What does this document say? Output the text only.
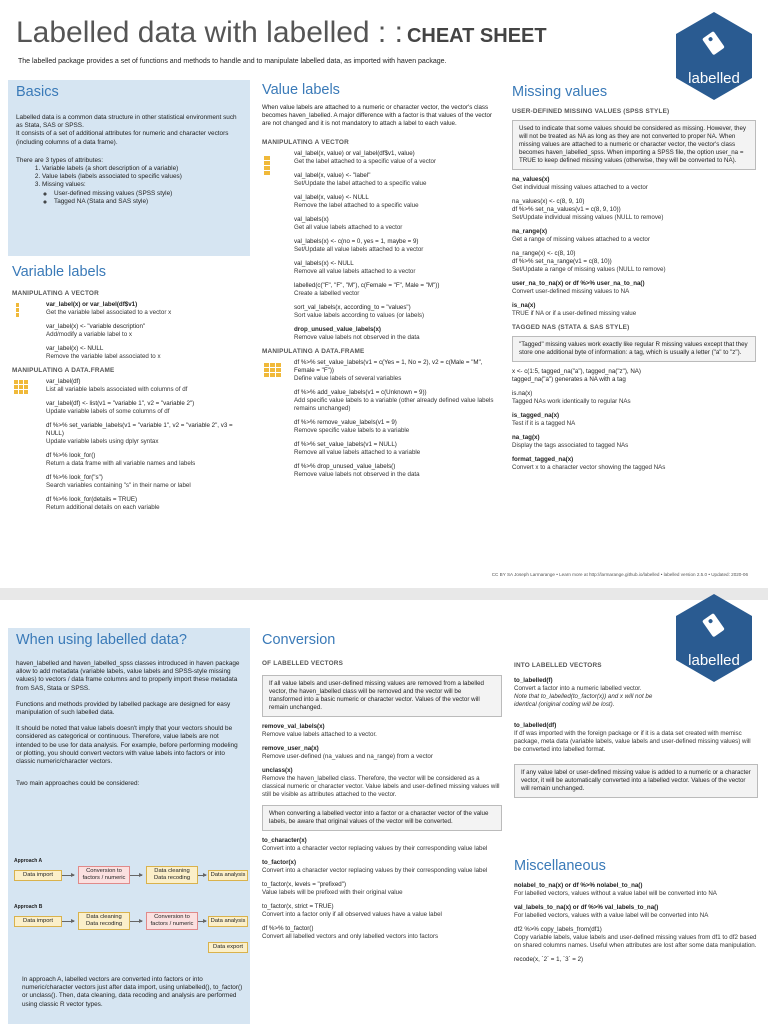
Labelled data with labelled : : CHEAT SHEET
labelled
The labelled package provides a set of functions and methods to handle and to manipulate labelled data, as imported with haven package.
Basics
Labelled data is a common data structure in other statistical environment such as Stata, SAS or SPSS.
It consists of a set of additional attributes for numeric and character vectors (including columns of a data frame).
There are 3 types of attributes:
1. Variable labels (a short description of a variable)
2. Value labels (labels associated to specific values)
3. Missing values:
◦ User-defined missing values (SPSS style)
◦ Tagged NA (Stata and SAS style)
Variable labels
MANIPULATING A VECTOR
var_label(x) or var_label(df$v1)
Get the variable label associated to a vector x
var_label(x) <- "variable description"
Add/modify a variable label to x
var_label(x) <- NULL
Remove the variable label associated to x
MANIPULATING A DATA.FRAME
var_label(df)
List all variable labels associated with columns of df
var_label(df) <- list(v1 = "variable 1", v2 = "variable 2")
Update variable labels of some columns of df
df %>% set_variable_labels(v1 = "variable 1", v2 = "variable 2", v3 = NULL)
Update variable labels using dplyr syntax
df %>% look_for()
Return a data frame with all variable names and labels
df %>% look_for("s")
Search variables containing "s" in their name or label
df %>% look_for(details = TRUE)
Return additional details on each variable
Value labels
When value labels are attached to a numeric or character vector, the vector's class becomes haven_labelled. A major difference with a factor is that values of the vector are not changed and it is not mandatory to attach a label to each value.
MANIPULATING A VECTOR
val_label(x, value) or val_label(df$v1, value)
Get the label attached to a specific value of a vector
val_label(x, value) <- "label"
Set/Update the label attached to a specific value
val_label(x, value) <- NULL
Remove the label attached to a specific value
val_labels(x)
Get all value labels attached to a vector
val_labels(x) <- c(no = 0, yes = 1, maybe = 9)
Set/Update all value labels attached to a vector
val_labels(x) <- NULL
Remove all value labels attached to a vector
labelled(c("F", "F", "M"), c(Female = "F", Male = "M"))
Create a labelled vector
sort_val_labels(x, according_to = "values")
Sort value labels according to values (or labels)
drop_unused_value_labels(x)
Remove value labels not observed in the data
MANIPULATING A DATA.FRAME
df %>% set_value_labels(v1 = c(Yes = 1, No = 2), v2 = c(Male = "M", Female = "F"))
Define value labels of several variables
df %>% add_value_labels(v1 = c(Unknown = 9))
Add specific value labels to a variable (other already defined value labels remains unchanged)
df %>% remove_value_labels(v1 = 9)
Remove specific value labels to a variable
df %>% set_value_labels(v1 = NULL)
Remove all value labels attached to a variable
df %>% drop_unused_value_labels()
Remove value labels not observed in the data
Missing values
USER-DEFINED MISSING VALUES (SPSS STYLE)
Used to indicate that some values should be considered as missing. However, they will not be treated as NA as long as they are not converted to proper NA. When missing values are attached to a numeric or character vector, the vector's class becomes haven_labelled_spss. When importing a SPSS file, the option user_na = TRUE to keep defined missing values (otherwise, they will be converted to NA).
na_values(x)
Get individual missing values attached to a vector
na_values(x) <- c(8, 9, 10)
df %>% set_na_values(v1 = c(8, 9, 10))
Set/Update individual missing values (NULL to remove)
na_range(x)
Get a range of missing values attached to a vector
na_range(x) <- c(8, 10)
df %>% set_na_range(v1 = c(8, 10))
Set/Update a range of missing values (NULL to remove)
user_na_to_na(x) or df %>% user_na_to_na()
Convert user-defined missing values to NA
is_na(x)
TRUE if NA or if a user-defined missing value
TAGGED NAS (STATA & SAS STYLE)
"Tagged" missing values work exactly like regular R missing values except that they store one additional byte of information: a tag, which is usually a letter ("a" to "z").
x <- c(1:5, tagged_na("a"), tagged_na("z"), NA)
tagged_na("a") generates a NA with a tag
is.na(x)
Tagged NAs work identically to regular NAs
is_tagged_na(x)
Test if it is a tagged NA
na_tag(x)
Display the tags associated to tagged NAs
format_tagged_na(x)
Convert x to a character vector showing the tagged NAs
CC BY SA Joseph Larmarange • Learn more at http://larmarange.github.io/labelled • labelled version 2.5.0 • Updated: 2020-06
labelled
When using labelled data?
haven_labelled and haven_labelled_spss classes introduced in haven package allow to add metadata (variable labels, value labels and SPSS-style missing values) to vectors / data frame columns and to properly import these metadata from SAS, Stata or SPSS.
Functions and methods provided by labelled package are designed for easy manipulation of such labelled data.
It should be noted that value labels doesn't imply that your vectors should be considered as categorical or continuous. Therefore, value labels are not intended to be use for data analysis. For example, before performing modeling or plotting, you should convert vectors with value labels into factors or into classic numeric/character vectors.
Two main approaches could be considered:
Approach A
Data import
Conversion to factors / numeric
Data cleaning Data recoding	Data analysis
Approach B
Data import
Data cleaning Data recoding
Conversion to factors / numeric	Data analysis
Data export
In approach A, labelled vectors are converted into factors or into numeric/character vectors just after data import, using unlabelled(), to_factor() or unclass(). Then, data cleaning, data recoding and analysis are performed using classic R vector types.
Conversion
OF LABELLED VECTORS
If all value labels and user-defined missing values are removed from a labelled vector, the haven_labelled class will be removed and the vector will be transformed into a basic numeric or character vector. Values of the vector will remain unchanged.
remove_val_labels(x)
Remove value labels attached to a vector.
remove_user_na(x)
Remove user-defined (na_values and na_range) from a vector
unclass(x)
Remove the haven_labelled class. Therefore, the vector will be considered as a classical numeric or character vector. Value labels and user-defined missing values will still be visible as attributes attached to the vector.
When converting a labelled vector into a factor or a character vector of the value labels, be aware that original values of the vector will be converted.
to_character(x)
Convert into a character vector replacing values by their corresponding value label
to_factor(x)
Convert into a character vector replacing values by their corresponding value label
to_factor(x, levels = "prefixed")
Value labels will be prefixed with their original value
to_factor(x, strict = TRUE)
Convert into a factor only if all observed values have a value label
df %>% to_factor()
Convert all labelled vectors and only labelled vectors into factors
INTO LABELLED VECTORS
to_labelled(f)
Convert a factor into a numeric labelled vector.
Note that to_labelled(to_factor(x)) and x will not be identical (original coding will be lost).
to_labelled(df)
If df was imported with the foreign package or if it is a data set created with memisc package, meta data (variable labels, value labels and user-defined missing values) will be converted into labelled format.
If any value label or user-defined missing value is added to a numeric or a character vector, it will be automatically converted into a labelled vector. Values of the vector will remain unchanged.
Miscellaneous
nolabel_to_na(x) or df %>% nolabel_to_na()
For labelled vectors, values without a value label will be converted into NA
val_labels_to_na(x) or df %>% val_labels_to_na()
For labelled vectors, values with a value label will be converted into NA
df2 %>% copy_labels_from(df1)
Copy variable labels, value labels and user-defined missing values from df1 to df2 based on shared columns names. Useful when attributes are lost after some data manipulation.
recode(x, `2` = 1, `3` = 2)
